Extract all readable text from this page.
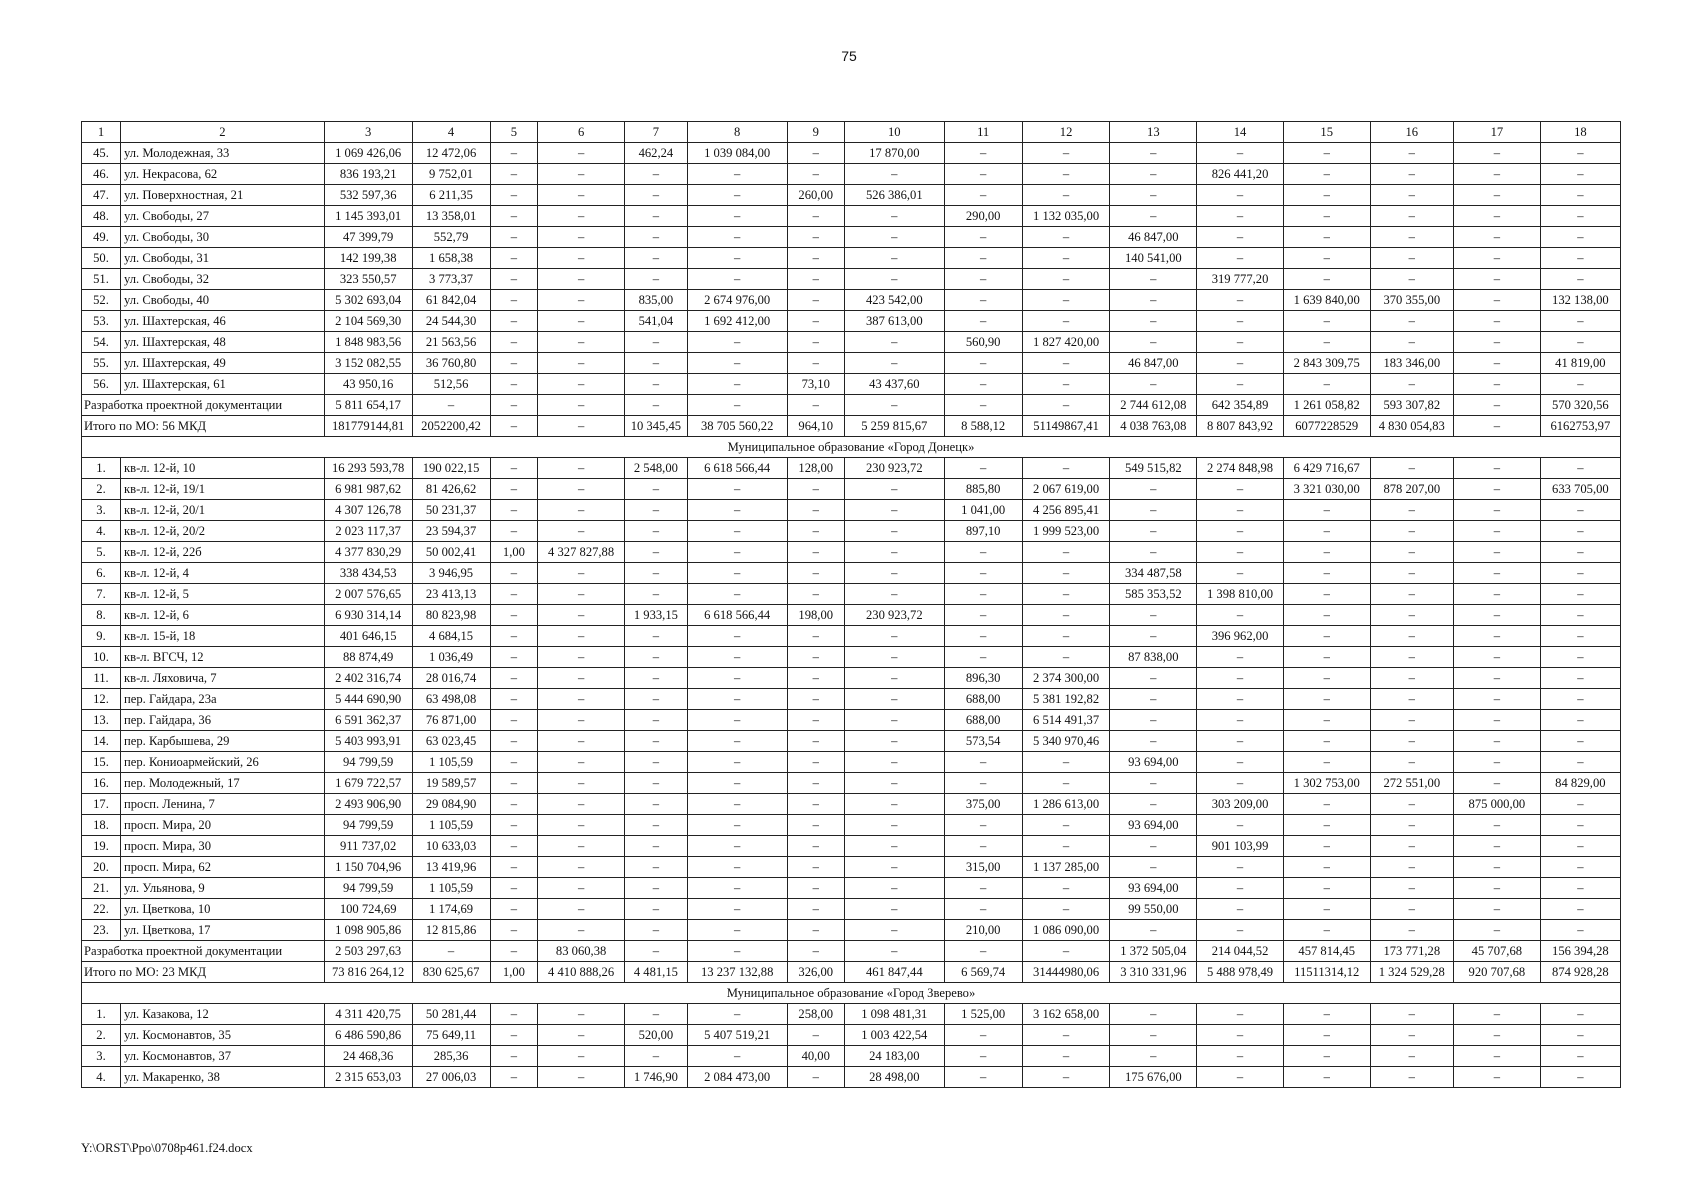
75
1	2	3	4	5	6	7	8	9	10	11	12	13	14	15	16	17	18
45.	ул. Молодежная, 33	1 069 426,06	12 472,06	–	–	462,24	1 039 084,00	–	17 870,00	–	–	–	–	–	–	–	–
46.	ул. Некрасова, 62	836 193,21	9 752,01	–	–	–	–	–	–	–	–	–	826 441,20	–	–	–	–
47.	ул. Поверхностная, 21	532 597,36	6 211,35	–	–	–	–	260,00	526 386,01	–	–	–	–	–	–	–	–
48.	ул. Свободы, 27	1 145 393,01	13 358,01	–	–	–	–	–	–	290,00	1 132 035,00	–	–	–	–	–	–
49.	ул. Свободы, 30	47 399,79	552,79	–	–	–	–	–	–	–	–	46 847,00	–	–	–	–	–
50.	ул. Свободы, 31	142 199,38	1 658,38	–	–	–	–	–	–	–	–	140 541,00	–	–	–	–	–
51.	ул. Свободы, 32	323 550,57	3 773,37	–	–	–	–	–	–	–	–	–	319 777,20	–	–	–	–
52.	ул. Свободы, 40	5 302 693,04	61 842,04	–	–	835,00	2 674 976,00	–	423 542,00	–	–	–	–	1 639 840,00	370 355,00	–	132 138,00
53.	ул. Шахтерская, 46	2 104 569,30	24 544,30	–	–	541,04	1 692 412,00	–	387 613,00	–	–	–	–	–	–	–	–
54.	ул. Шахтерская, 48	1 848 983,56	21 563,56	–	–	–	–	–	–	560,90	1 827 420,00	–	–	–	–	–	–
55.	ул. Шахтерская, 49	3 152 082,55	36 760,80	–	–	–	–	–	–	–	–	46 847,00	–	2 843 309,75	183 346,00	–	41 819,00
56.	ул. Шахтерская, 61	43 950,16	512,56	–	–	–	–	73,10	43 437,60	–	–	–	–	–	–	–	–
Разработка проектной документации		5 811 654,17	–	–	–	–	–	–	–	–	–	2 744 612,08	642 354,89	1 261 058,82	593 307,82	–	570 320,56
Итого по МО: 56 МКД		181779144,81	2052200,42	–	–	10 345,45	38 705 560,22	964,10	5 259 815,67	8 588,12	51149867,41	4 038 763,08	8 807 843,92	6077228529	4 830 054,83	–	6162753,97
Муниципальное образование «Город Донецк»																	
1.	кв-л. 12-й, 10	16 293 593,78	190 022,15	–	–	2 548,00	6 618 566,44	128,00	230 923,72	–	–	549 515,82	2 274 848,98	6 429 716,67	–	–	–
2.	кв-л. 12-й, 19/1	6 981 987,62	81 426,62	–	–	–	–	–	–	885,80	2 067 619,00	–	–	3 321 030,00	878 207,00	–	633 705,00
3.	кв-л. 12-й, 20/1	4 307 126,78	50 231,37	–	–	–	–	–	–	1 041,00	4 256 895,41	–	–	–	–	–	–
4.	кв-л. 12-й, 20/2	2 023 117,37	23 594,37	–	–	–	–	–	–	897,10	1 999 523,00	–	–	–	–	–	–
5.	кв-л. 12-й, 22б	4 377 830,29	50 002,41	1,00	4 327 827,88	–	–	–	–	–	–	–	–	–	–	–	–
6.	кв-л. 12-й, 4	338 434,53	3 946,95	–	–	–	–	–	–	–	–	334 487,58	–	–	–	–	–
7.	кв-л. 12-й, 5	2 007 576,65	23 413,13	–	–	–	–	–	–	–	–	585 353,52	1 398 810,00	–	–	–	–
8.	кв-л. 12-й, 6	6 930 314,14	80 823,98	–	–	1 933,15	6 618 566,44	198,00	230 923,72	–	–	–	–	–	–	–	–
9.	кв-л. 15-й, 18	401 646,15	4 684,15	–	–	–	–	–	–	–	–	–	396 962,00	–	–	–	–
10.	кв-л. ВГСЧ, 12	88 874,49	1 036,49	–	–	–	–	–	–	–	–	87 838,00	–	–	–	–	–
11.	кв-л. Ляховича, 7	2 402 316,74	28 016,74	–	–	–	–	–	–	896,30	2 374 300,00	–	–	–	–	–	–
12.	пер. Гайдара, 23а	5 444 690,90	63 498,08	–	–	–	–	–	–	688,00	5 381 192,82	–	–	–	–	–	–
13.	пер. Гайдара, 36	6 591 362,37	76 871,00	–	–	–	–	–	–	688,00	6 514 491,37	–	–	–	–	–	–
14.	пер. Карбышева, 29	5 403 993,91	63 023,45	–	–	–	–	–	–	573,54	5 340 970,46	–	–	–	–	–	–
15.	пер. Кониоармейский, 26	94 799,59	1 105,59	–	–	–	–	–	–	–	–	93 694,00	–	–	–	–	–
16.	пер. Молодежный, 17	1 679 722,57	19 589,57	–	–	–	–	–	–	–	–	–	–	1 302 753,00	272 551,00	–	84 829,00
17.	просп. Ленина, 7	2 493 906,90	29 084,90	–	–	–	–	–	–	375,00	1 286 613,00	–	303 209,00	–	–	875 000,00	–
18.	просп. Мира, 20	94 799,59	1 105,59	–	–	–	–	–	–	–	–	93 694,00	–	–	–	–	–
19.	просп. Мира, 30	911 737,02	10 633,03	–	–	–	–	–	–	–	–	–	901 103,99	–	–	–	–
20.	просп. Мира, 62	1 150 704,96	13 419,96	–	–	–	–	–	–	315,00	1 137 285,00	–	–	–	–	–	–
21.	ул. Ульянова, 9	94 799,59	1 105,59	–	–	–	–	–	–	–	–	93 694,00	–	–	–	–	–
22.	ул. Цветкова, 10	100 724,69	1 174,69	–	–	–	–	–	–	–	–	99 550,00	–	–	–	–	–
23.	ул. Цветкова, 17	1 098 905,86	12 815,86	–	–	–	–	–	–	210,00	1 086 090,00	–	–	–	–	–	–
Разработка проектной документации		2 503 297,63	–	–	83 060,38	–	–	–	–	–	–	1 372 505,04	214 044,52	457 814,45	173 771,28	45 707,68	156 394,28
Итого по МО: 23 МКД		73 816 264,12	830 625,67	1,00	4 410 888,26	4 481,15	13 237 132,88	326,00	461 847,44	6 569,74	31444980,06	3 310 331,96	5 488 978,49	11511314,12	1 324 529,28	920 707,68	874 928,28
Муниципальное образование «Город Зверево»																	
1.	ул. Казакова, 12	4 311 420,75	50 281,44	–	–	–	–	258,00	1 098 481,31	1 525,00	3 162 658,00	–	–	–	–	–	–
2.	ул. Космонавтов, 35	6 486 590,86	75 649,11	–	–	520,00	5 407 519,21	–	1 003 422,54	–	–	–	–	–	–	–	–
3.	ул. Космонавтов, 37	24 468,36	285,36	–	–	–	–	40,00	24 183,00	–	–	–	–	–	–	–	–
4.	ул. Макаренко, 38	2 315 653,03	27 006,03	–	–	1 746,90	2 084 473,00	–	28 498,00	–	–	175 676,00	–	–	–	–	–
Y:\ORST\Ppo\0708p461.f24.docx
